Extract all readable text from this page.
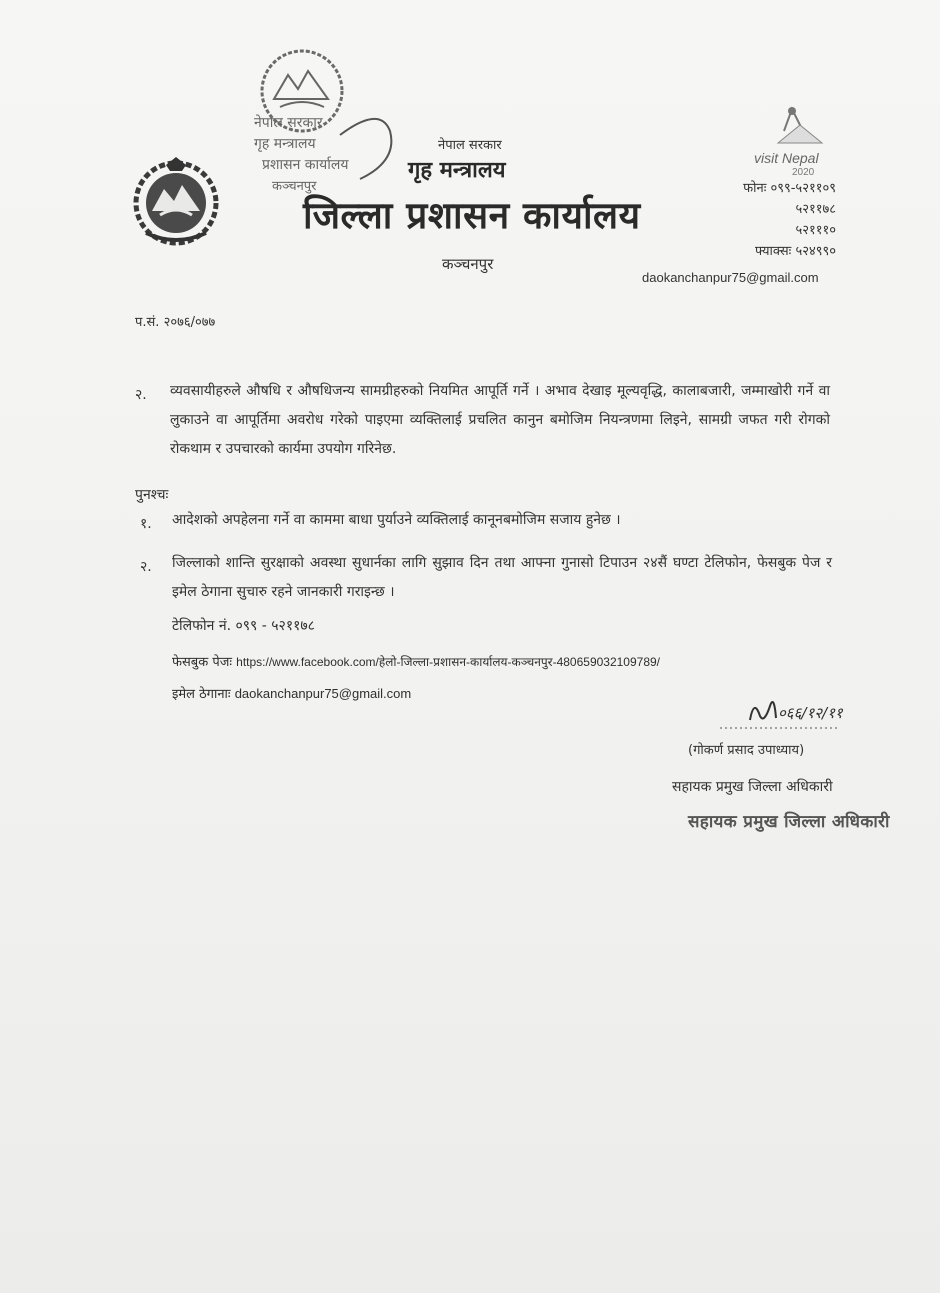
नेपाल सरकार
गृह मन्त्रालय
प्रशासन कार्यालय
कञ्चनपुर
visit Nepal
2020
नेपाल सरकार
गृह मन्त्रालय
जिल्ला प्रशासन कार्यालय
कञ्चनपुर
फोनः ०९९-५२११०९
५२११७८
५२१११०
फ्याक्सः ५२४९९०
daokanchanpur75@gmail.com
प.सं. २०७६/०७७
२. व्यवसायीहरुले औषधि र औषधिजन्य सामग्रीहरुको नियमित आपूर्ति गर्ने । अभाव देखाइ मूल्यवृद्धि, कालाबजारी, जम्माखोरी गर्ने वा लुकाउने वा आपूर्तिमा अवरोध गरेको पाइएमा व्यक्तिलाई प्रचलित कानुन बमोजिम नियन्त्रणमा लिइने, सामग्री जफत गरी रोगको रोकथाम र उपचारको कार्यमा उपयोग गरिनेछ.
पुनश्चः
१. आदेशको अपहेलना गर्ने वा काममा बाधा पुर्याउने व्यक्तिलाई कानूनबमोजिम सजाय हुनेछ ।
२. जिल्लाको शान्ति सुरक्षाको अवस्था सुधार्नका लागि सुझाव दिन तथा आफ्ना गुनासो टिपाउन २४सैं घण्टा टेलिफोन, फेसबुक पेज र इमेल ठेगाना सुचारु रहने जानकारी गराइन्छ ।
टेलिफोन नं. ०९९ - ५२११७८
फेसबुक पेजः https://www.facebook.com/हेलो-जिल्ला-प्रशासन-कार्यालय-कञ्चनपुर-480659032109789/
इमेल ठेगानाः daokanchanpur75@gmail.com
०६६/१२/११
(गोकर्ण प्रसाद उपाध्याय)
सहायक प्रमुख जिल्ला अधिकारी
सहायक प्रमुख जिल्ला अधिकारी
